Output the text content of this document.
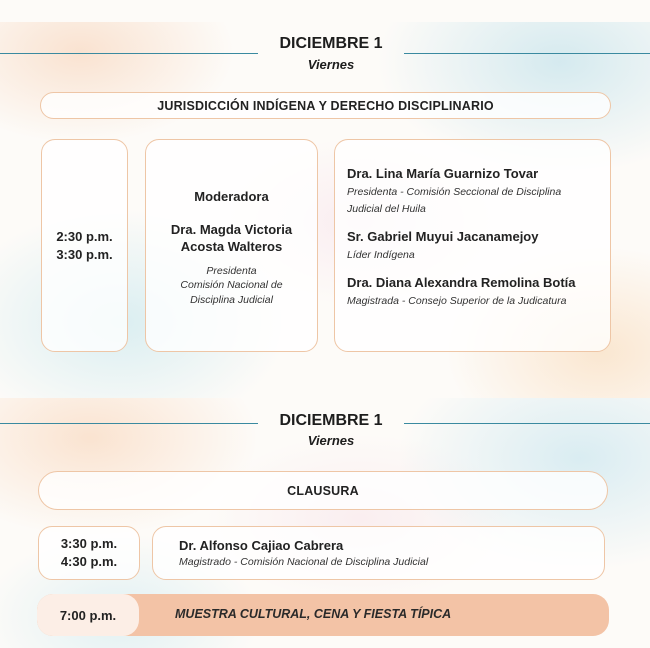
DICIEMBRE 1
Viernes
JURISDICCIÓN INDÍGENA Y DERECHO DISCIPLINARIO
2:30 p.m.
3:30 p.m.
Moderadora
Dra. Magda Victoria
Acosta Walteros
Presidenta
Comisión Nacional de
Disciplina Judicial
Dra. Lina María Guarnizo Tovar
Presidenta - Comisión Seccional de Disciplina
Judicial del Huila
Sr. Gabriel Muyui Jacanamejoy
Líder Indígena
Dra. Diana Alexandra Remolina Botía
Magistrada - Consejo Superior de la Judicatura
DICIEMBRE 1
Viernes
CLAUSURA
3:30 p.m.
4:30 p.m.
Dr. Alfonso Cajiao Cabrera
Magistrado - Comisión Nacional de Disciplina Judicial
7:00 p.m.	MUESTRA CULTURAL, CENA Y FIESTA TÍPICA
